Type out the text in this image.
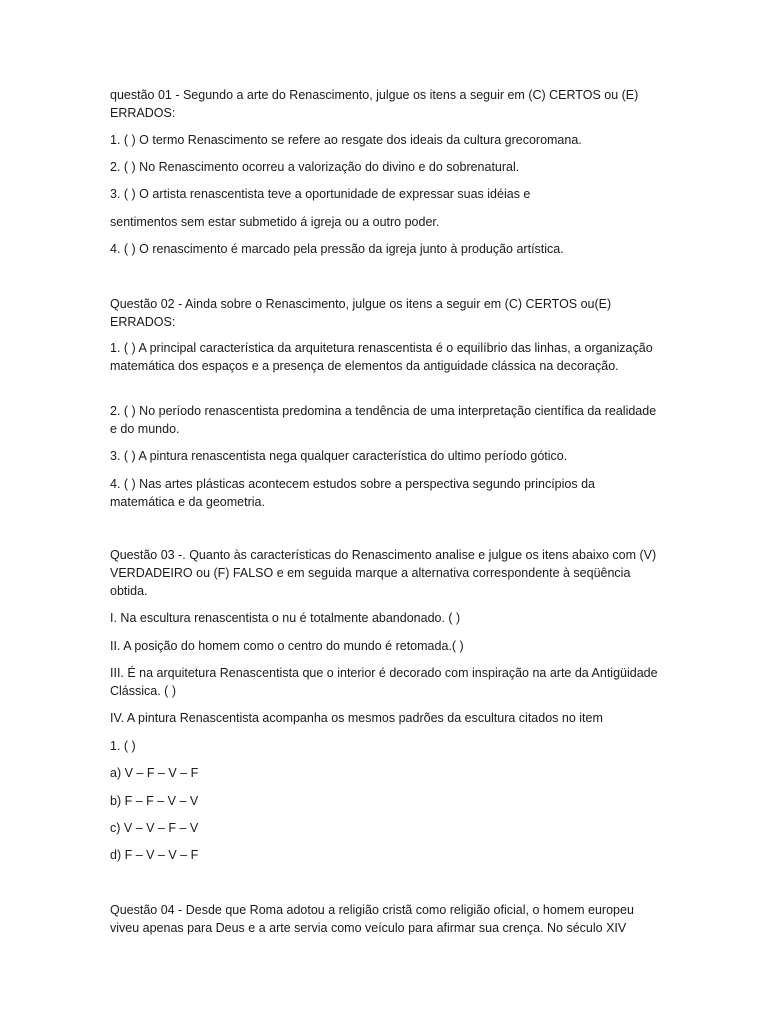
questão 01 - Segundo a arte do Renascimento, julgue os itens a seguir em (C) CERTOS ou (E) ERRADOS:

1. ( ) O termo Renascimento se refere ao resgate dos ideais da cultura grecoromana.

2. ( ) No Renascimento ocorreu a valorização do divino e do sobrenatural.

3. ( ) O artista renascentista teve a oportunidade de expressar suas idéias e

sentimentos sem estar submetido á igreja ou a outro poder.

4. ( ) O renascimento é marcado pela pressão da igreja junto à produção artística.

Questão 02 - Ainda sobre o Renascimento, julgue os itens a seguir em (C) CERTOS ou(E) ERRADOS:

1. ( ) A principal característica da arquitetura renascentista é o equilíbrio das linhas, a organização matemática dos espaços e a presença de elementos da antiguidade clássica na decoração.

2. ( ) No período renascentista predomina a tendência de uma interpretação científica da realidade e do mundo.

3. ( ) A pintura renascentista nega qualquer característica do ultimo período gótico.

4. ( ) Nas artes plásticas acontecem estudos sobre a perspectiva segundo princípios da matemática e da geometria.

Questão 03 -. Quanto às características do Renascimento analise e julgue os itens abaixo com (V) VERDADEIRO ou (F) FALSO e em seguida marque a alternativa correspondente à seqüência obtida.

I. Na escultura renascentista o nu é totalmente abandonado. ( )

II. A posição do homem como o centro do mundo é retomada.( )

III. É na arquitetura Renascentista que o interior é decorado com inspiração na arte da Antigüidade Clássica. ( )

IV. A pintura Renascentista acompanha os mesmos padrões da escultura citados no item

1. ( )

a) V – F – V – F

b) F – F – V – V

c) V – V – F – V

d) F – V – V – F

Questão 04 - Desde que Roma adotou a religião cristã como religião oficial, o homem europeu viveu apenas para Deus e a arte servia como veículo para afirmar sua crença. No século XIV
